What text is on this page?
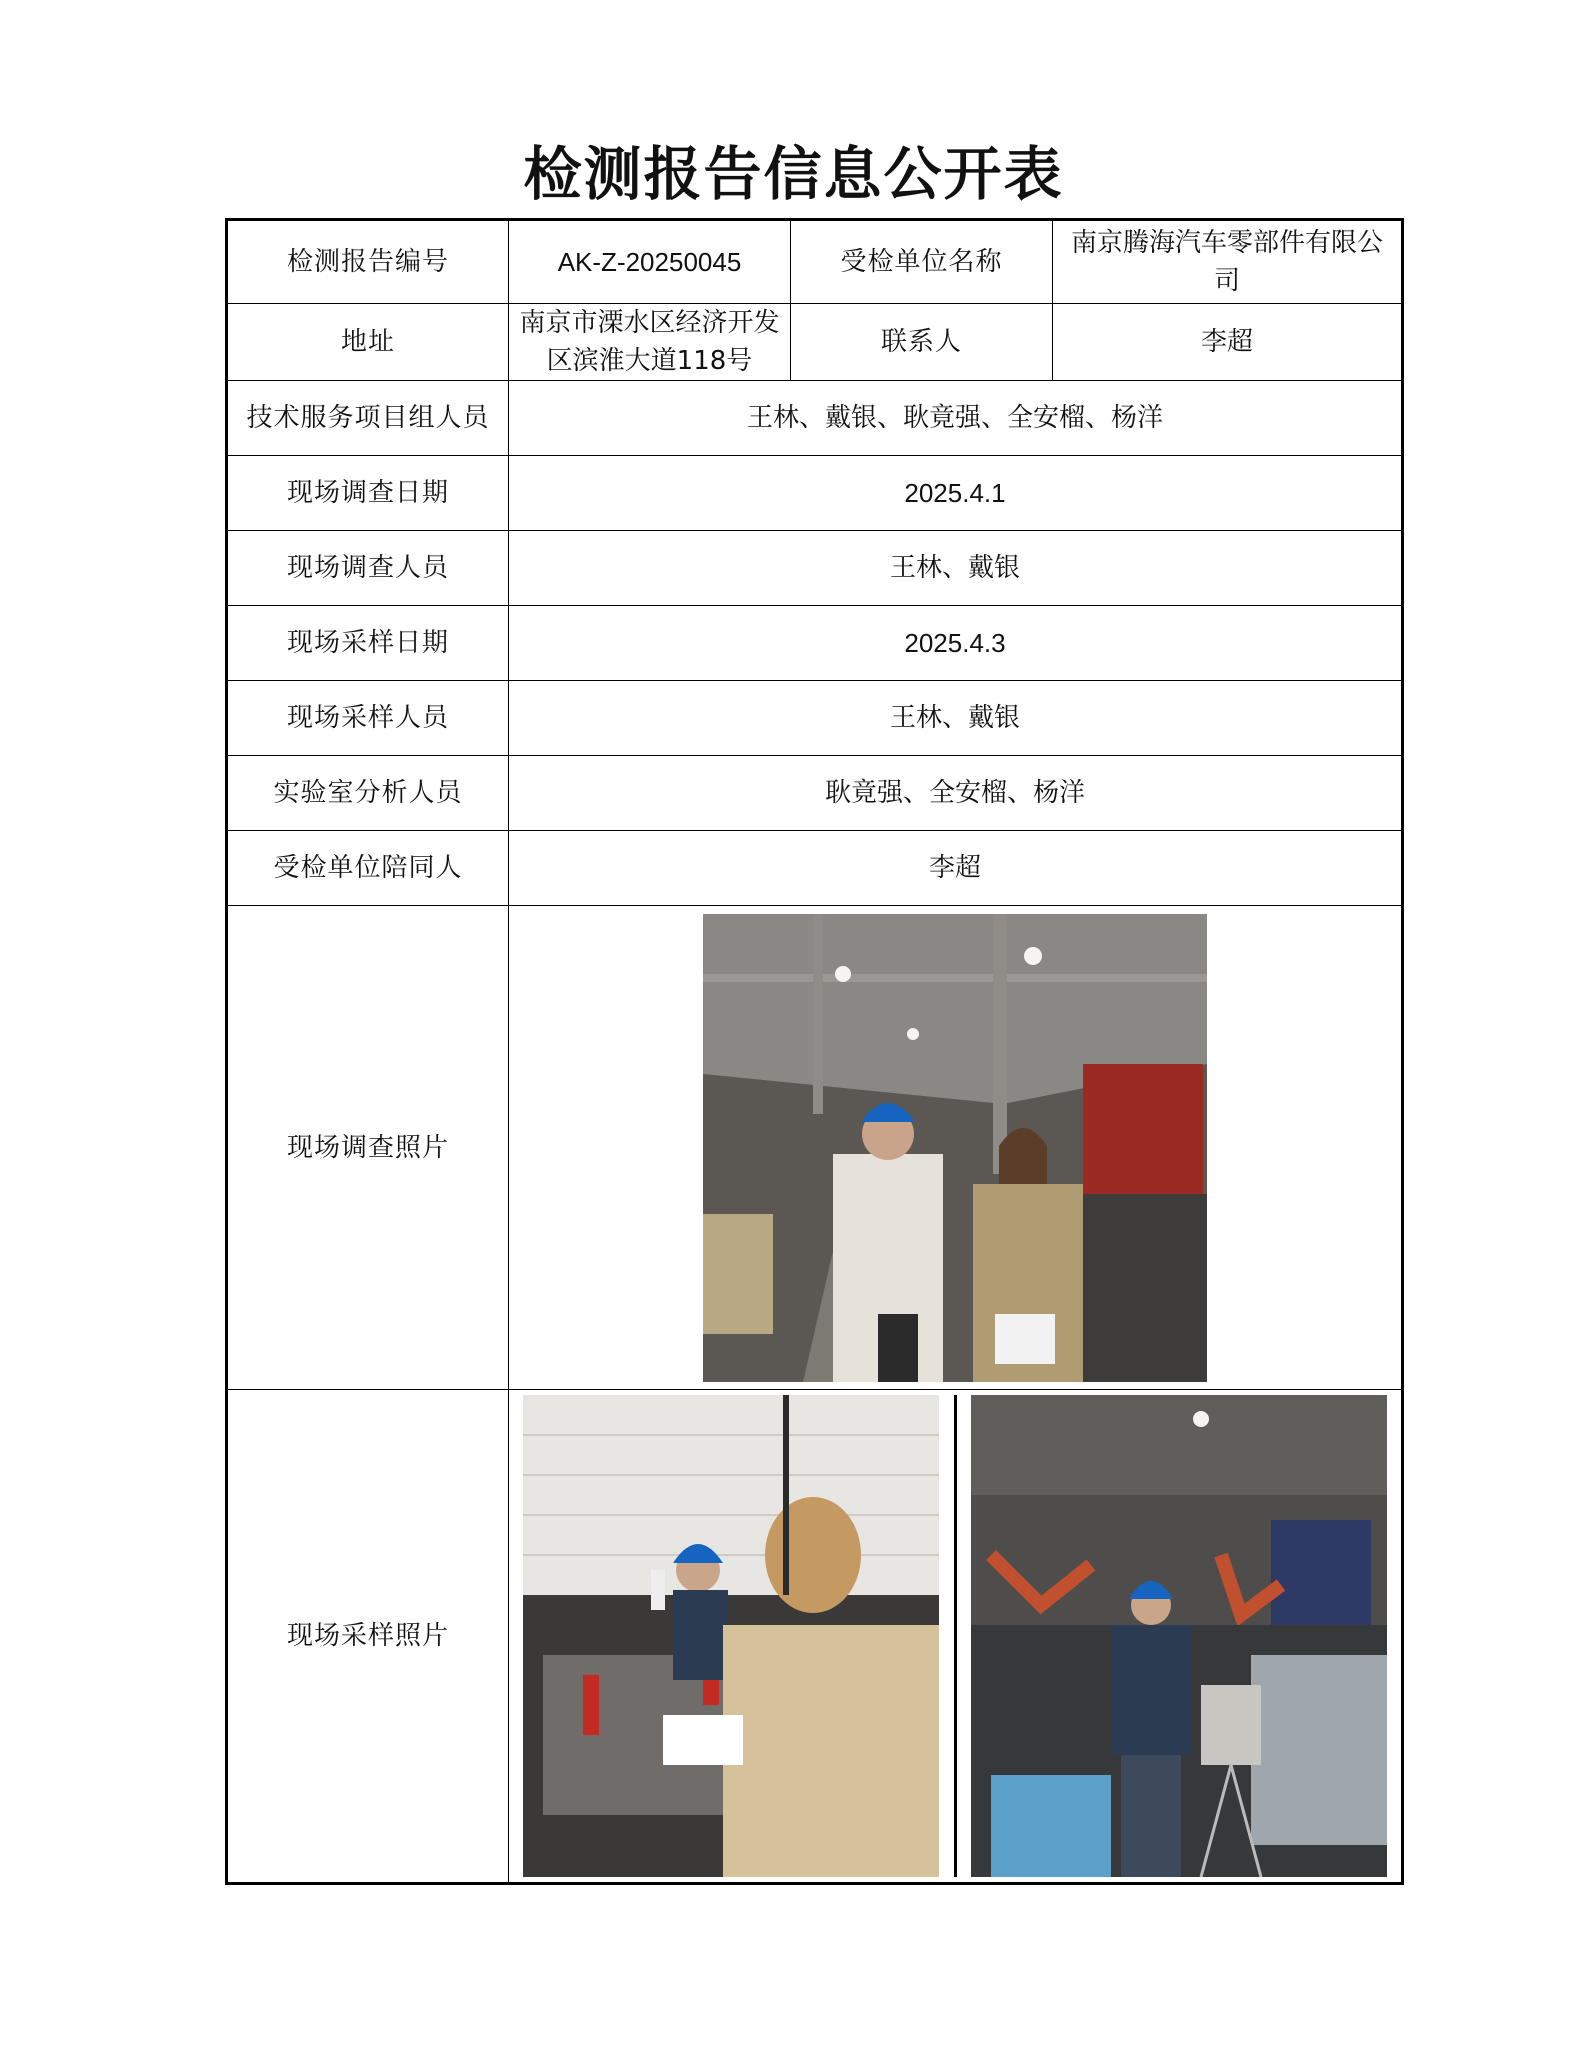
检测报告信息公开表
检测报告编号	AK-Z-20250045	受检单位名称	南京腾海汽车零部件有限公司
地址	南京市溧水区经济开发区滨淮大道118号	联系人	李超
技术服务项目组人员	王林、戴银、耿竟强、全安榴、杨洋		
现场调查日期	2025.4.1		
现场调查人员	王林、戴银		
现场采样日期	2025.4.3		
现场采样人员	王林、戴银		
实验室分析人员	耿竟强、全安榴、杨洋		
受检单位陪同人	李超		
现场调查照片	

现场采样照片	
